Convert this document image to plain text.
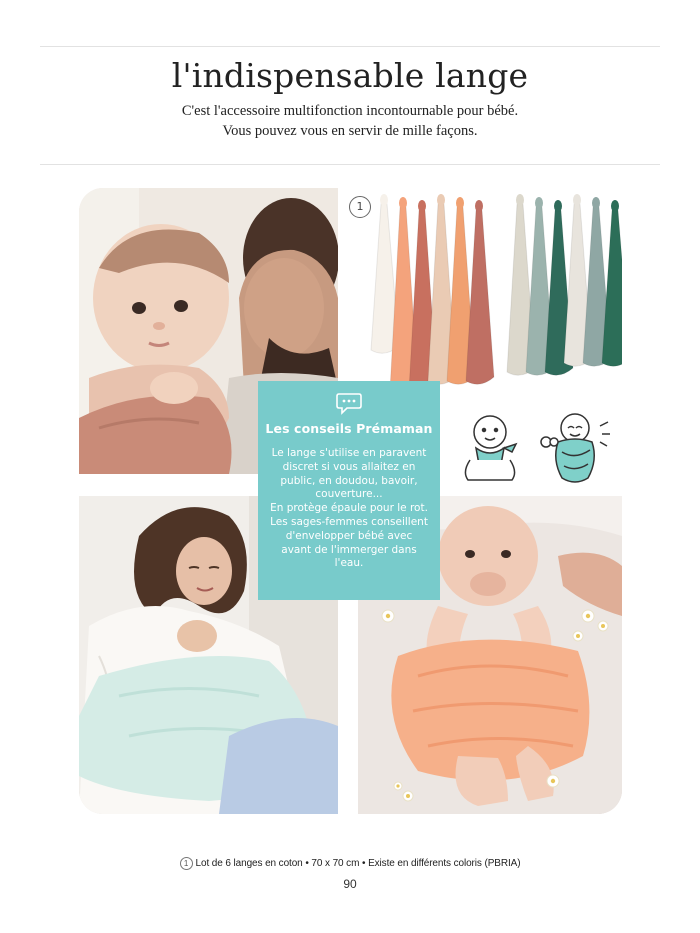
l'indispensable lange
C'est l'accessoire multifonction incontournable pour bébé.
Vous pouvez vous en servir de mille façons.
1
Les conseils Prémaman

Le lange s'utilise en paravent discret si vous allaitez en public, en doudou, bavoir, couverture...

En protège épaule pour le rot. Les sages-femmes conseillent d'envelopper bébé avec avant de l'immerger dans l'eau.

1 Lot de 6 langes en coton • 70 x 70 cm • Existe en différents coloris (PBRIA)
90
